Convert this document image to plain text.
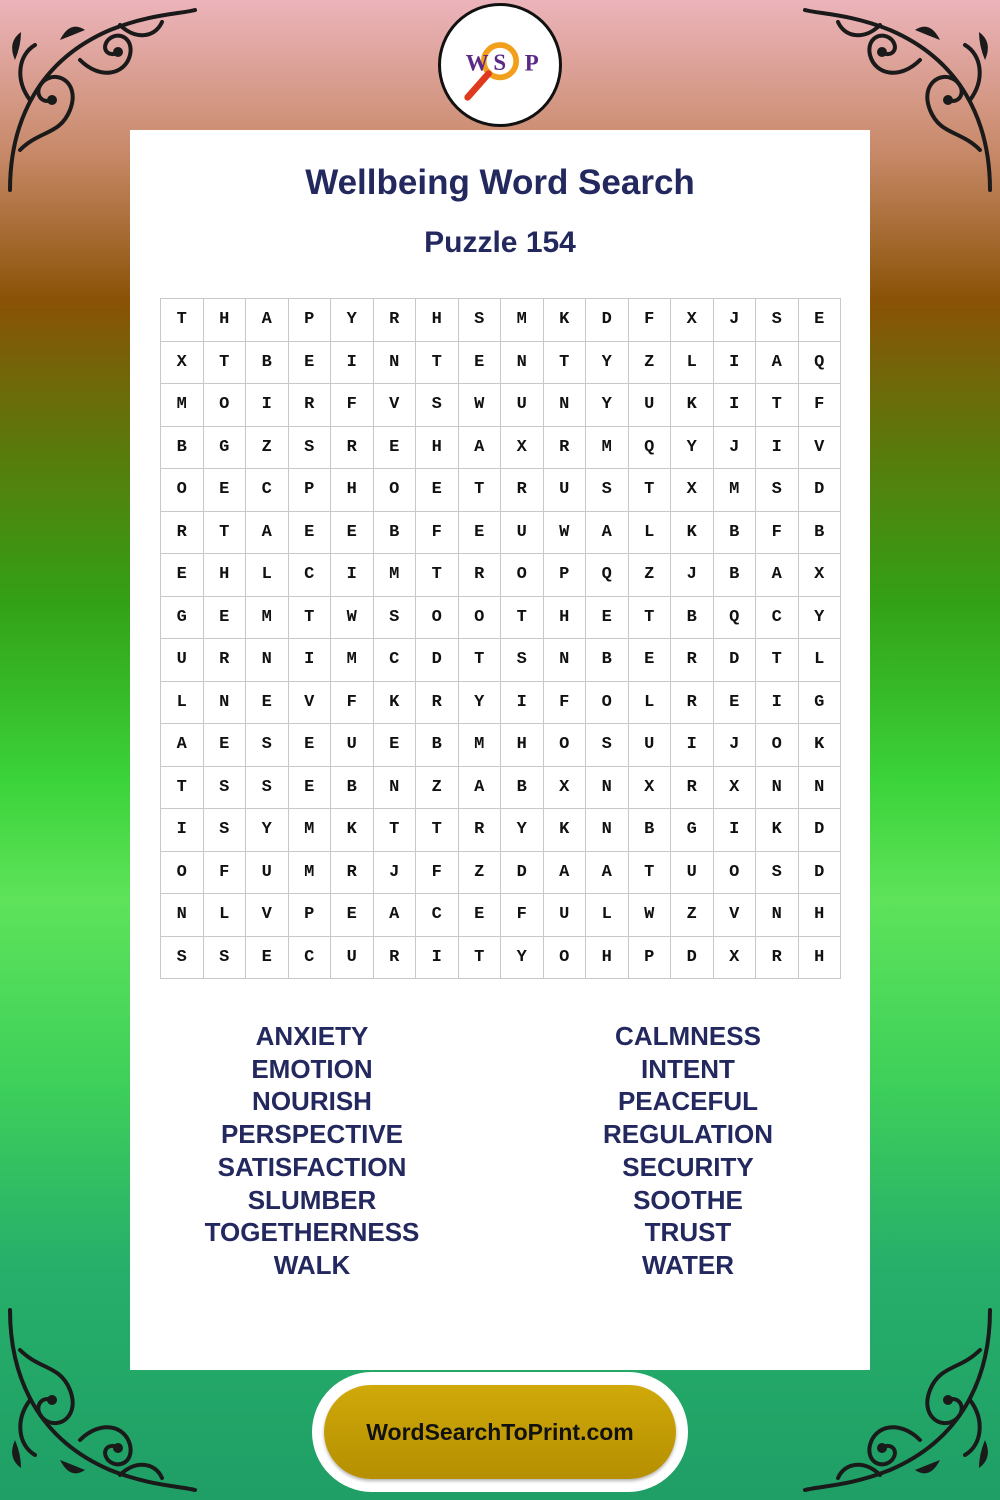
W S P
Wellbeing Word Search
Puzzle 154
T	H	A	P	Y	R	H	S	M	K	D	F	X	J	S	E
X	T	B	E	I	N	T	E	N	T	Y	Z	L	I	A	Q
M	O	I	R	F	V	S	W	U	N	Y	U	K	I	T	F
B	G	Z	S	R	E	H	A	X	R	M	Q	Y	J	I	V
O	E	C	P	H	O	E	T	R	U	S	T	X	M	S	D
R	T	A	E	E	B	F	E	U	W	A	L	K	B	F	B
E	H	L	C	I	M	T	R	O	P	Q	Z	J	B	A	X
G	E	M	T	W	S	O	O	T	H	E	T	B	Q	C	Y
U	R	N	I	M	C	D	T	S	N	B	E	R	D	T	L
L	N	E	V	F	K	R	Y	I	F	O	L	R	E	I	G
A	E	S	E	U	E	B	M	H	O	S	U	I	J	O	K
T	S	S	E	B	N	Z	A	B	X	N	X	R	X	N	N
I	S	Y	M	K	T	T	R	Y	K	N	B	G	I	K	D
O	F	U	M	R	J	F	Z	D	A	A	T	U	O	S	D
N	L	V	P	E	A	C	E	F	U	L	W	Z	V	N	H
S	S	E	C	U	R	I	T	Y	O	H	P	D	X	R	H
ANXIETY
EMOTION
NOURISH
PERSPECTIVE
SATISFACTION
SLUMBER
TOGETHERNESS
WALK
CALMNESS
INTENT
PEACEFUL
REGULATION
SECURITY
SOOTHE
TRUST
WATER
WordSearchToPrint.com
